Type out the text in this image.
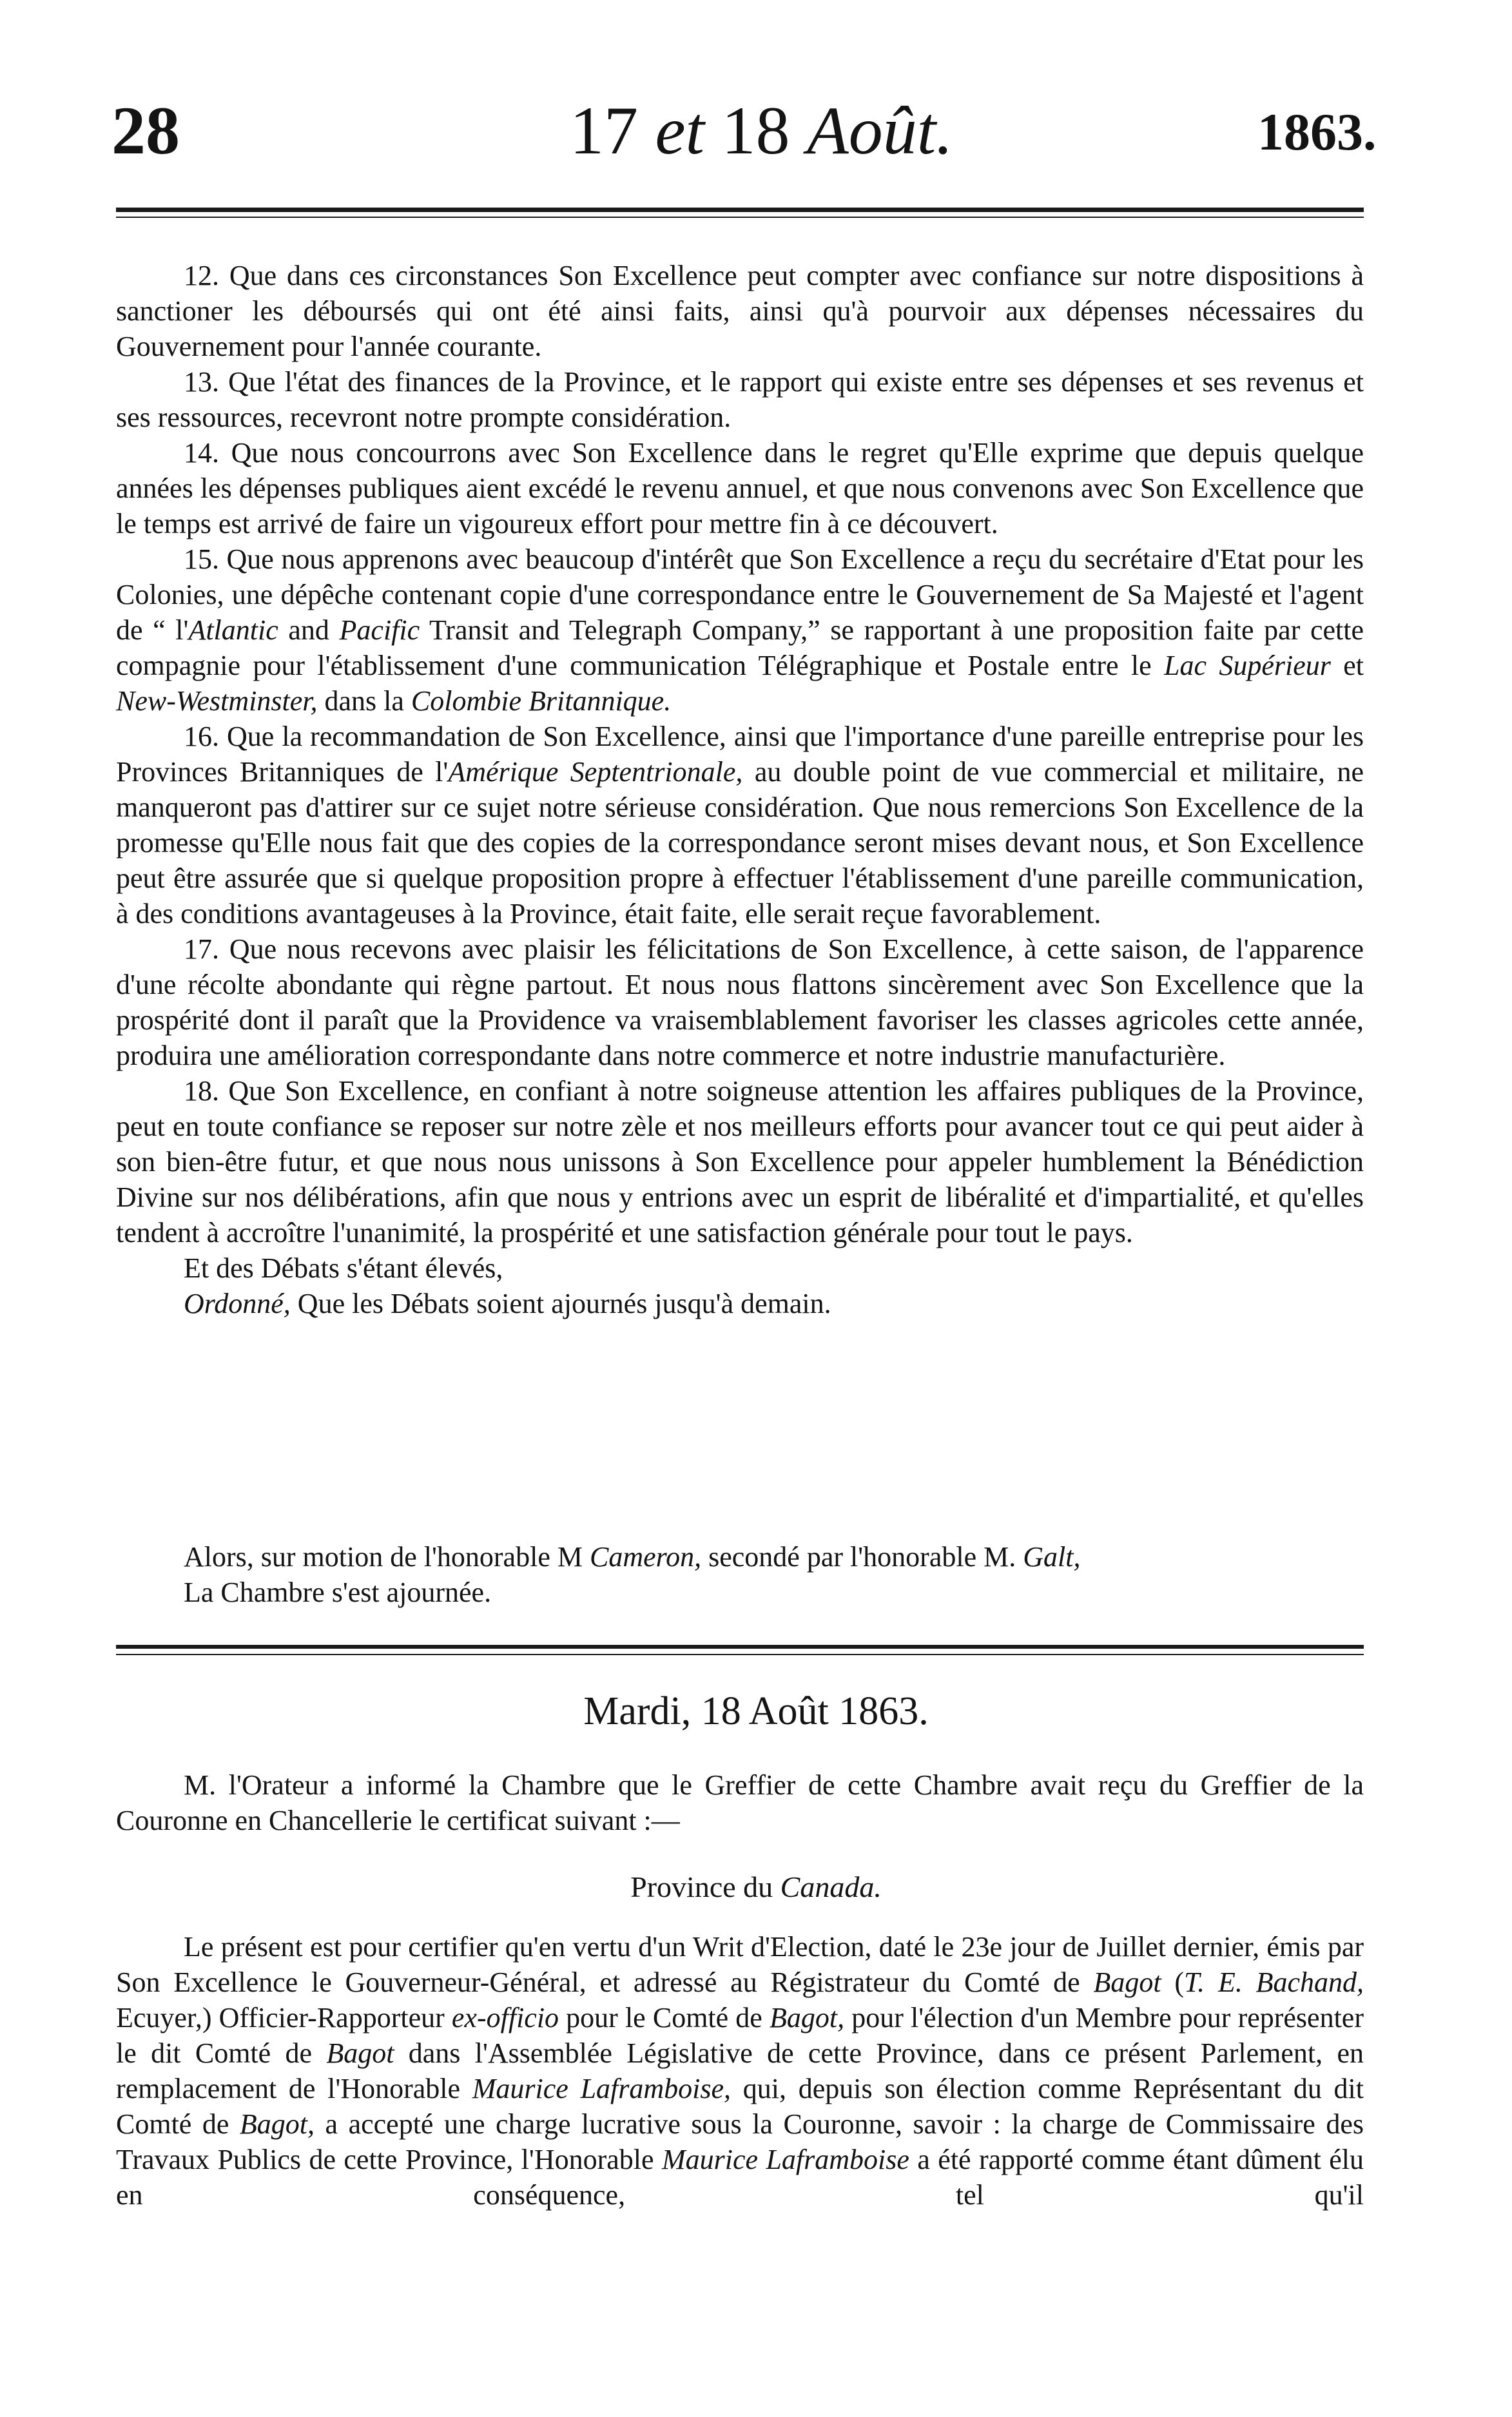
28	17 et 18 Août.	1863.

12. Que dans ces circonstances Son Excellence peut compter avec confiance sur notre dispositions à sanctioner les déboursés qui ont été ainsi faits, ainsi qu'à pourvoir aux dépenses nécessaires du Gouvernement pour l'année courante.

13. Que l'état des finances de la Province, et le rapport qui existe entre ses dépenses et ses revenus et ses ressources, recevront notre prompte considération.

14. Que nous concourrons avec Son Excellence dans le regret qu'Elle exprime que depuis quelque années les dépenses publiques aient excédé le revenu annuel, et que nous convenons avec Son Excellence que le temps est arrivé de faire un vigoureux effort pour mettre fin à ce découvert.

15. Que nous apprenons avec beaucoup d'intérêt que Son Excellence a reçu du secrétaire d'Etat pour les Colonies, une dépêche contenant copie d'une correspondance entre le Gouvernement de Sa Majesté et l'agent de “ l'Atlantic and Pacific Transit and Telegraph Company,” se rapportant à une proposition faite par cette compagnie pour l'établissement d'une communication Télégraphique et Postale entre le Lac Supérieur et New-Westminster, dans la Colombie Britannique.

16. Que la recommandation de Son Excellence, ainsi que l'importance d'une pareille entreprise pour les Provinces Britanniques de l'Amérique Septentrionale, au double point de vue commercial et militaire, ne manqueront pas d'attirer sur ce sujet notre sérieuse considération. Que nous remercions Son Excellence de la promesse qu'Elle nous fait que des copies de la correspondance seront mises devant nous, et Son Excellence peut être assurée que si quelque proposition propre à effectuer l'établissement d'une pareille communication, à des conditions avantageuses à la Province, était faite, elle serait reçue favorablement.

17. Que nous recevons avec plaisir les félicitations de Son Excellence, à cette saison, de l'apparence d'une récolte abondante qui règne partout. Et nous nous flattons sincèrement avec Son Excellence que la prospérité dont il paraît que la Providence va vraisemblablement favoriser les classes agricoles cette année, produira une amélioration correspondante dans notre commerce et notre industrie manufacturière.

18. Que Son Excellence, en confiant à notre soigneuse attention les affaires publiques de la Province, peut en toute confiance se reposer sur notre zèle et nos meilleurs efforts pour avancer tout ce qui peut aider à son bien-être futur, et que nous nous unissons à Son Excellence pour appeler humblement la Bénédiction Divine sur nos délibérations, afin que nous y entrions avec un esprit de libéralité et d'impartialité, et qu'elles tendent à accroître l'unanimité, la prospérité et une satisfaction générale pour tout le pays.

Et des Débats s'étant élevés,

Ordonné, Que les Débats soient ajournés jusqu'à demain.

Alors, sur motion de l'honorable M Cameron, secondé par l'honorable M. Galt,

La Chambre s'est ajournée.

Mardi, 18 Août 1863.

M. l'Orateur a informé la Chambre que le Greffier de cette Chambre avait reçu du Greffier de la Couronne en Chancellerie le certificat suivant :—

Province du Canada.

Le présent est pour certifier qu'en vertu d'un Writ d'Election, daté le 23e jour de Juillet dernier, émis par Son Excellence le Gouverneur-Général, et adressé au Régistrateur du Comté de Bagot (T. E. Bachand, Ecuyer,) Officier-Rapporteur ex-officio pour le Comté de Bagot, pour l'élection d'un Membre pour représenter le dit Comté de Bagot dans l'Assemblée Législative de cette Province, dans ce présent Parlement, en remplacement de l'Honorable Maurice Laframboise, qui, depuis son élection comme Représentant du dit Comté de Bagot, a accepté une charge lucrative sous la Couronne, savoir : la charge de Commissaire des Travaux Publics de cette Province, l'Honorable Maurice Laframboise a été rapporté comme étant dûment élu en conséquence, tel qu'il
